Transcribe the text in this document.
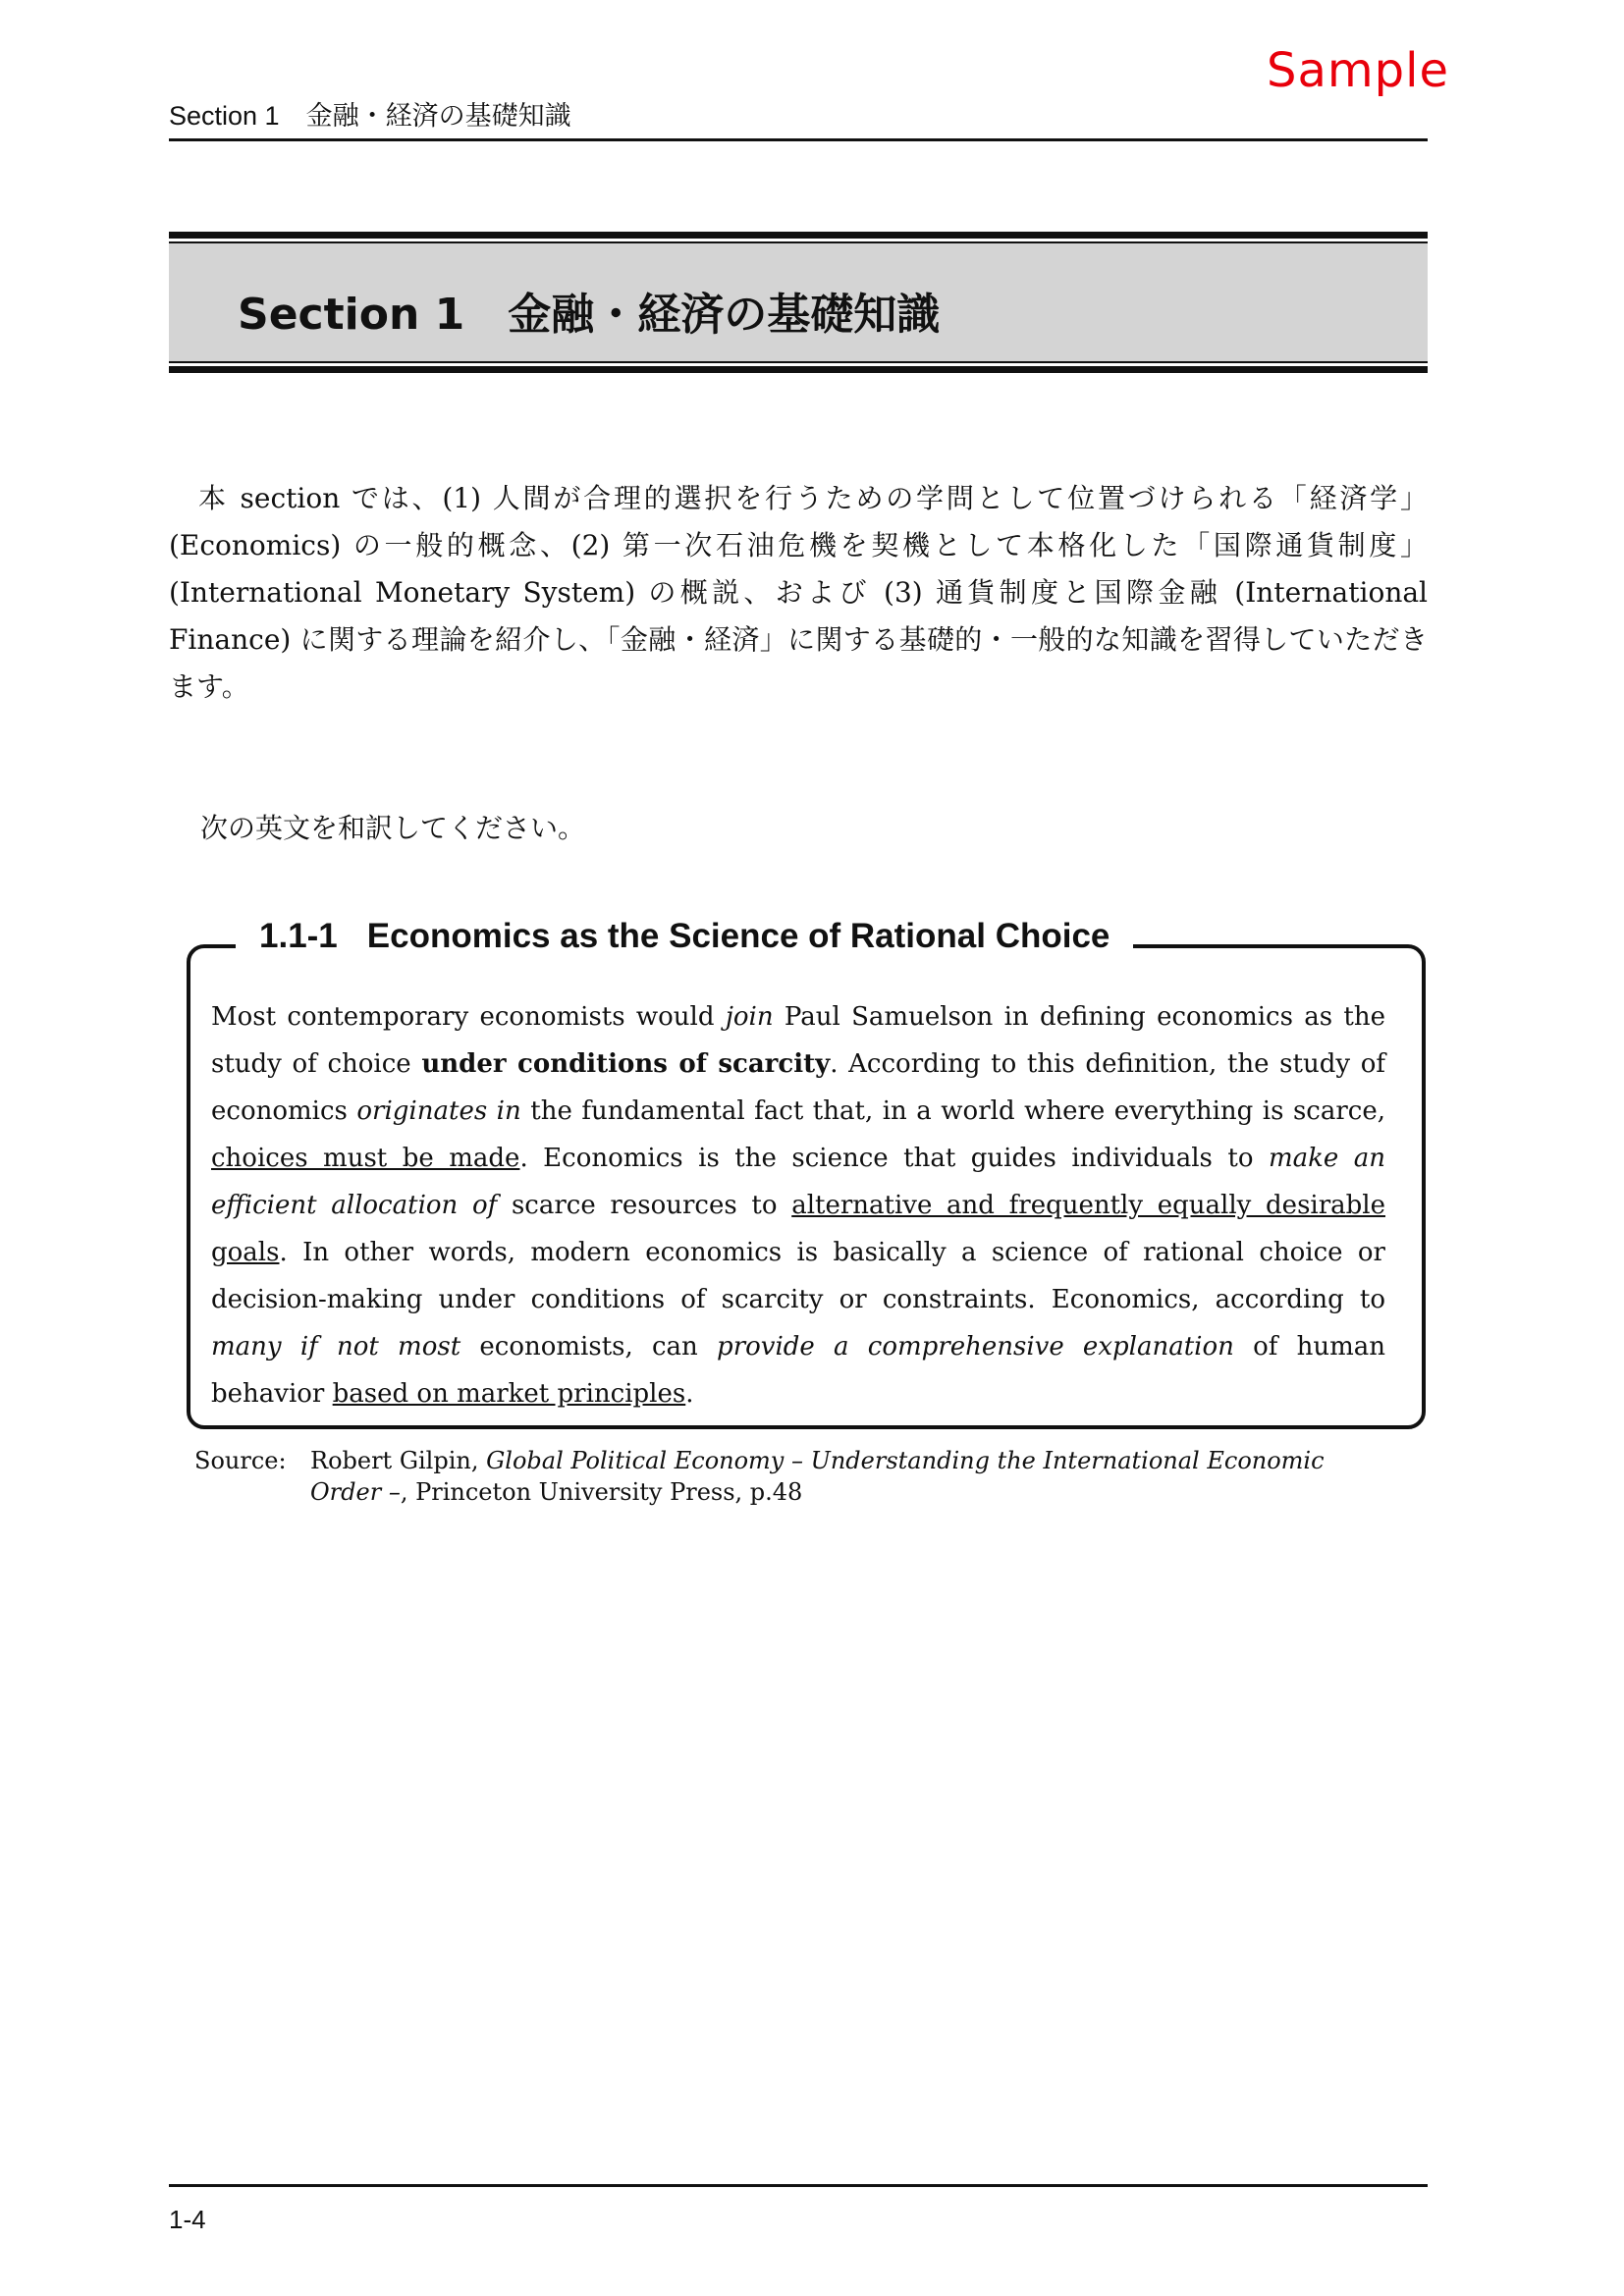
Sample
Section 1　金融・経済の基礎知識
Section 1 金融・経済の基礎知識

本 section では、(1) 人間が合理的選択を行うための学問として位置づけられる「経済学」(Economics) の一般的概念、(2) 第一次石油危機を契機として本格化した「国際通貨制度」(International Monetary System) の概説、および (3) 通貨制度と国際金融 (International Finance) に関する理論を紹介し、「金融・経済」に関する基礎的・一般的な知識を習得していただきます。

次の英文を和訳してください。

1.1-1 Economics as the Science of Rational Choice

Most contemporary economists would join Paul Samuelson in defining economics as the study of choice under conditions of scarcity. According to this definition, the study of economics originates in the fundamental fact that, in a world where everything is scarce, choices must be made. Economics is the science that guides individuals to make an efficient allocation of scarce resources to alternative and frequently equally desirable goals. In other words, modern economics is basically a science of rational choice or decision-making under conditions of scarcity or constraints. Economics, according to many if not most economists, can provide a comprehensive explanation of human behavior based on market principles.

Source: Robert Gilpin, Global Political Economy – Understanding the International Economic Order –, Princeton University Press, p.48
1-4
